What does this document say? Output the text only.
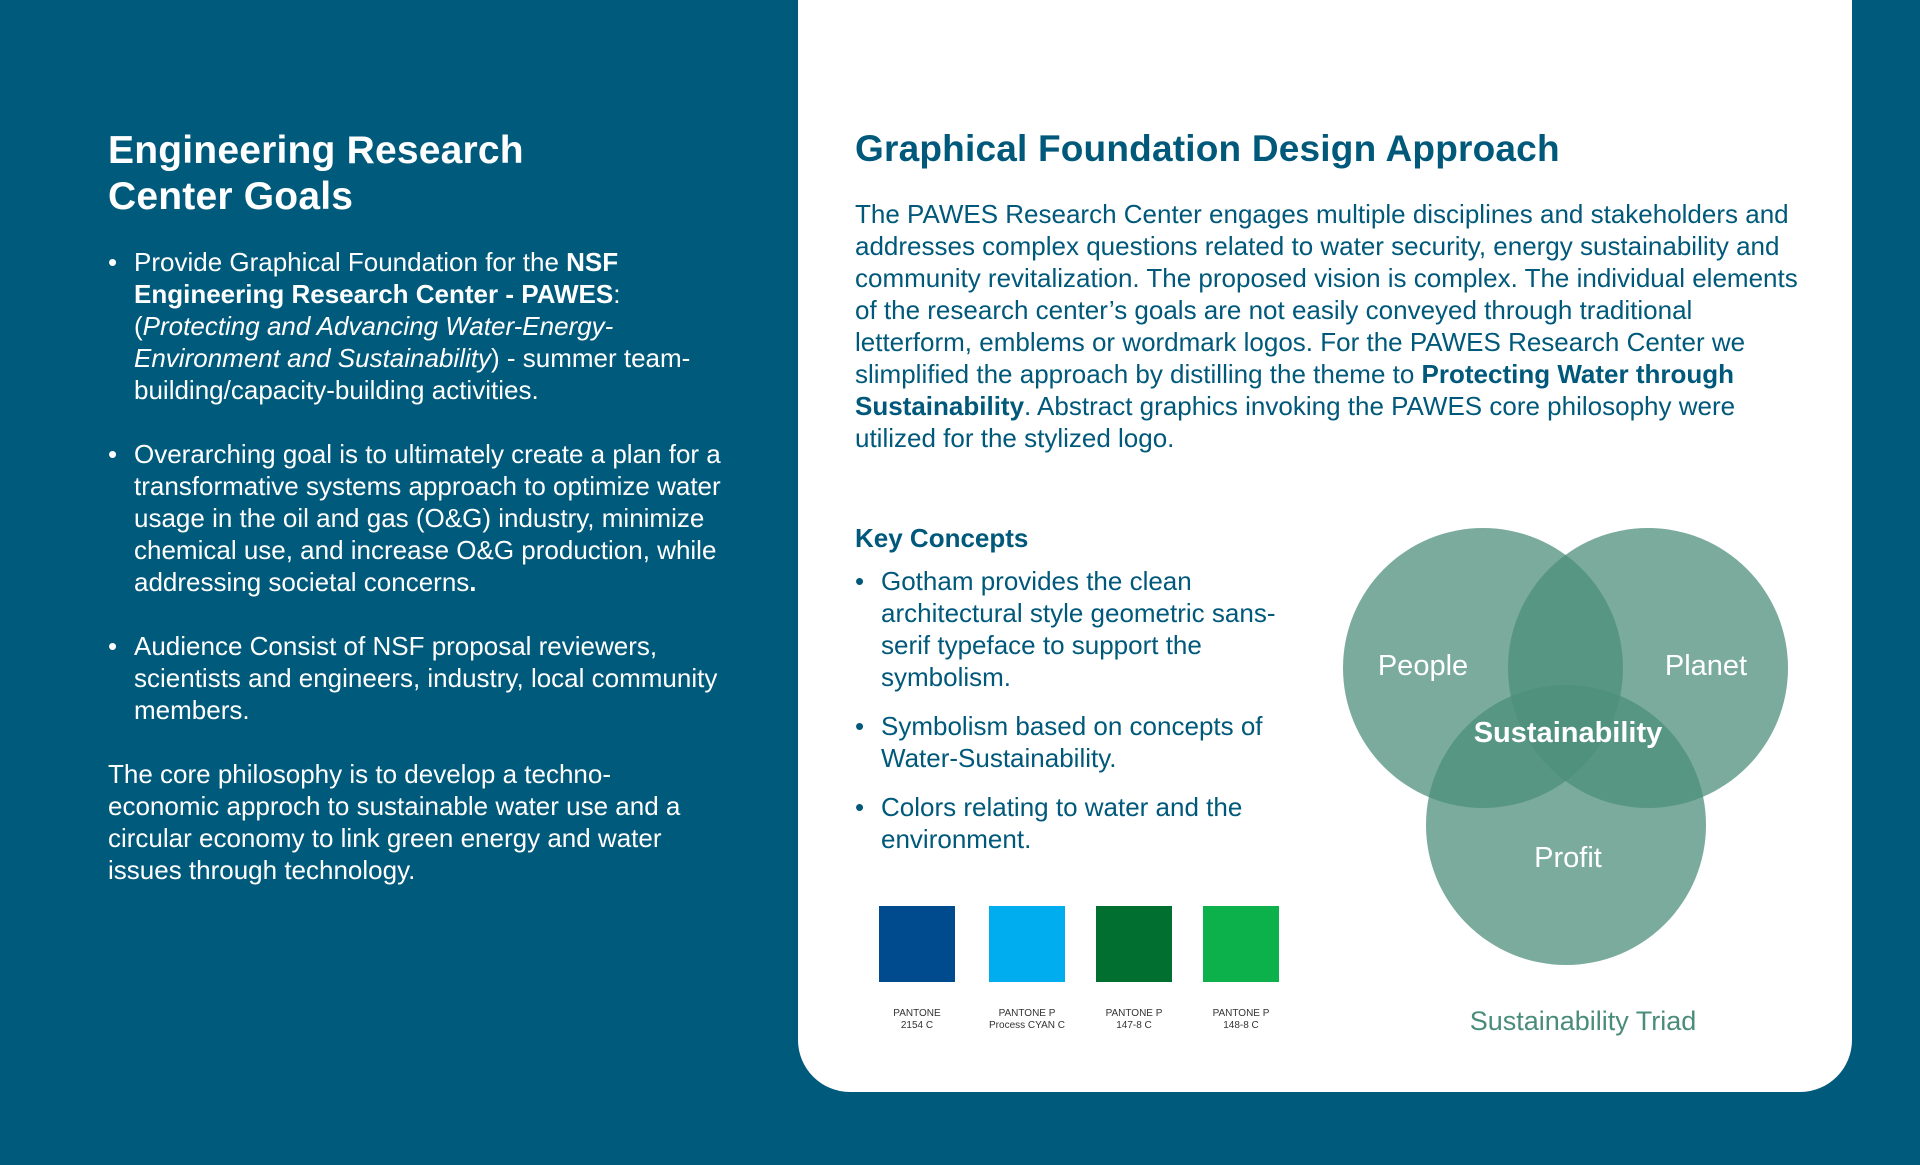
Engineering Research
Center Goals
• Provide Graphical Foundation for the NSF Engineering Research Center - PAWES: (Protecting and Advancing Water-Energy-Environment and Sustainability) - summer team-building/capacity-building activities.
• Overarching goal is to ultimately create a plan for a transformative systems approach to optimize water usage in the oil and gas (O&G) industry, minimize chemical use, and increase O&G production, while addressing societal concerns.
• Audience Consist of NSF proposal reviewers, scientists and engineers, industry, local community members.

The core philosophy is to develop a techno-economic approch to sustainable water use and a circular economy to link green energy and water issues through technology.

Graphical Foundation Design Approach

The PAWES Research Center engages multiple disciplines and stakeholders and addresses complex questions related to water security, energy sustainability and community revitalization. The proposed vision is complex. The individual elements of the research center’s goals are not easily conveyed through traditional letterform, emblems or wordmark logos. For the PAWES Research Center we slimplified the approach by distilling the theme to Protecting Water through Sustainability. Abstract graphics invoking the PAWES core philosophy were utilized for the stylized logo.

Key Concepts
• Gotham provides the clean architectural style geometric sans-serif typeface to support the symbolism.
• Symbolism based on concepts of Water-Sustainability.
• Colors relating to water and the environment.
PANTONE
2154 C
PANTONE P
Process CYAN C
PANTONE P
147-8 C
PANTONE P
148-8 C
People	Planet
Sustainability
Profit
Sustainability Triad
